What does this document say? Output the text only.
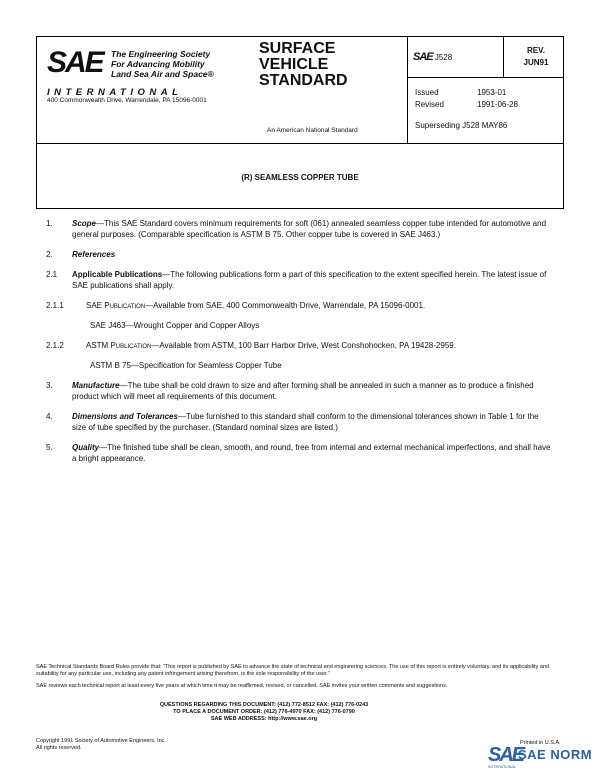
SAE The Engineering Society
For Advancing Mobility
Land Sea Air and Space®
INTERNATIONAL
400 Commonwealth Drive, Warrendale, PA 15096-0001
SURFACE
VEHICLE
STANDARD
An American National Standard
SAE J528
REV.
JUN91
Issued	1953-01
Revised	1991-06-28
Superseding J528 MAY86
(R) SEAMLESS COPPER TUBE
1. Scope—This SAE Standard covers minimum requirements for soft (061) annealed seamless copper tube intended for automotive and general purposes. (Comparable specification is ASTM B 75. Other copper tube is covered in SAE J463.)
2. References
2.1 Applicable Publications—The following publications form a part of this specification to the extent specified herein. The latest issue of SAE publications shall apply.
2.1.1	SAE Publication—Available from SAE, 400 Commonwealth Drive, Warrendale, PA 15096-0001.
SAE J463—Wrought Copper and Copper Alloys
2.1.2	ASTM Publication—Available from ASTM, 100 Barr Harbor Drive, West Conshohocken, PA 19428-2959.
ASTM B 75—Specification for Seamless Copper Tube
3. Manufacture—The tube shall be cold drawn to size and after forming shall be annealed in such a manner as to produce a finished product which will meet all requirements of this document.
4. Dimensions and Tolerances—Tube furnished to this standard shall conform to the dimensional tolerances shown in Table 1 for the size of tube specified by the purchaser. (Standard nominal sizes are listed.)
5. Quality—The finished tube shall be clean, smooth, and round, free from internal and external mechanical imperfections, and shall have a bright appearance.
SAE Technical Standards Board Rules provide that: “This report is published by SAE to advance the state of technical and engineering sciences. The use of this report is entirely voluntary, and its applicability and suitability for any particular use, including any patent infringement arising therefrom, is the sole responsibility of the user.”
SAE reviews each technical report at least every five years at which time it may be reaffirmed, revised, or cancelled. SAE invites your written comments and suggestions.
QUESTIONS REGARDING THIS DOCUMENT: (412) 772-8512 FAX: (412) 776-0243
TO PLACE A DOCUMENT ORDER: (412) 776-4970 FAX: (412) 776-0790
SAE WEB ADDRESS: http://www.sae.org
Copyright 1991 Society of Automotive Engineers, Inc.
All rights reserved.
Printed in U.S.A.
SAE
SAE NORM
INTERNATIONAL
